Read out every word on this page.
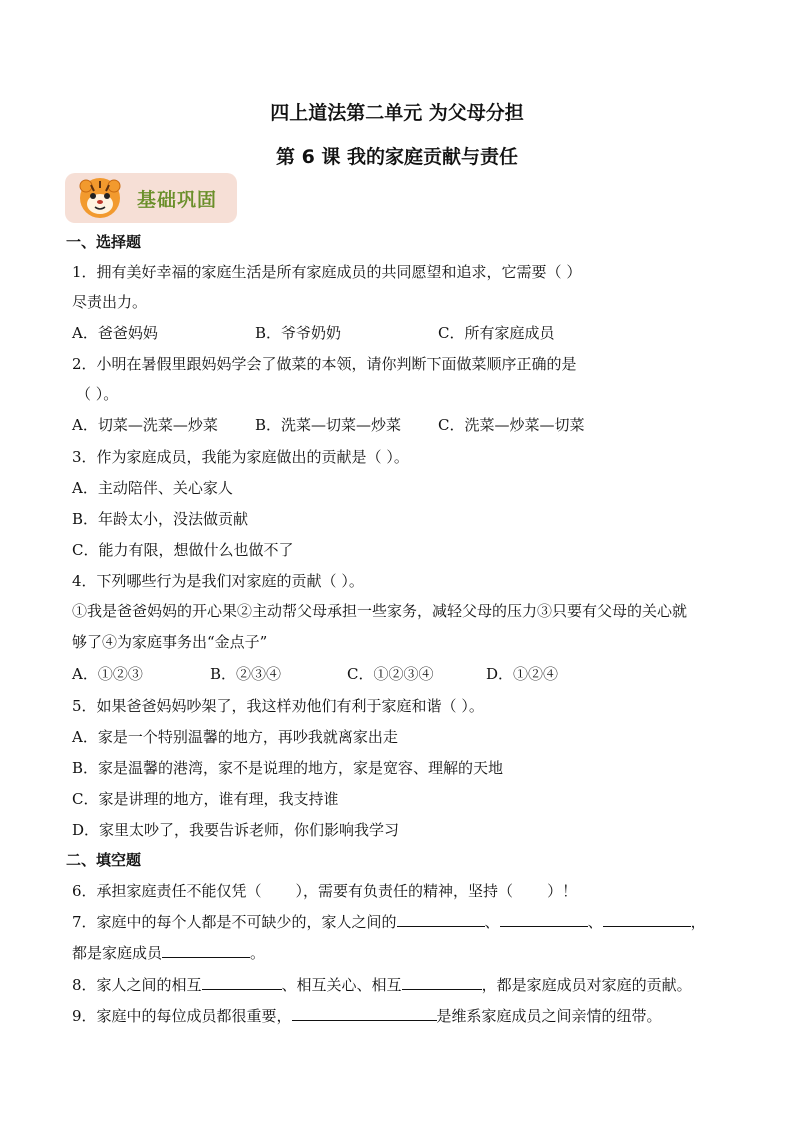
四上道法第二单元 为父母分担
第 6 课 我的家庭贡献与责任
基础巩固
一、选择题
1．拥有美好幸福的家庭生活是所有家庭成员的共同愿望和追求，它需要（ ）
尽责出力。
A．爸爸妈妈	B．爷爷奶奶	C．所有家庭成员
2．小明在暑假里跟妈妈学会了做菜的本领，请你判断下面做菜顺序正确的是
（ ）。
A．切菜—洗菜—炒菜 B．洗菜—切菜—炒菜 C．洗菜—炒菜—切菜
3．作为家庭成员，我能为家庭做出的贡献是（ ）。
A．主动陪伴、关心家人
B．年龄太小，没法做贡献
C．能力有限，想做什么也做不了
4．下列哪些行为是我们对家庭的贡献（ ）。
①我是爸爸妈妈的开心果②主动帮父母承担一些家务，减轻父母的压力③只要有父母的关心就
够了④为家庭事务出“金点子”
A．①②③	B．②③④	C．①②③④	D．①②④
5．如果爸爸妈妈吵架了，我这样劝他们有利于家庭和谐（ ）。
A．家是一个特别温馨的地方，再吵我就离家出走
B．家是温馨的港湾，家不是说理的地方，家是宽容、理解的天地
C．家是讲理的地方，谁有理，我支持谁
D．家里太吵了，我要告诉老师，你们影响我学习
二、填空题
6．承担家庭责任不能仅凭（ ），需要有负责任的精神，坚持（ ）！
7．家庭中的每个人都是不可缺少的，家人之间的	、	、	，
都是家庭成员	。
8．家人之间的相互	、相互关心、相互	，都是家庭成员对家庭的贡献。
9．家庭中的每位成员都很重要，	是维系家庭成员之间亲情的纽带。
